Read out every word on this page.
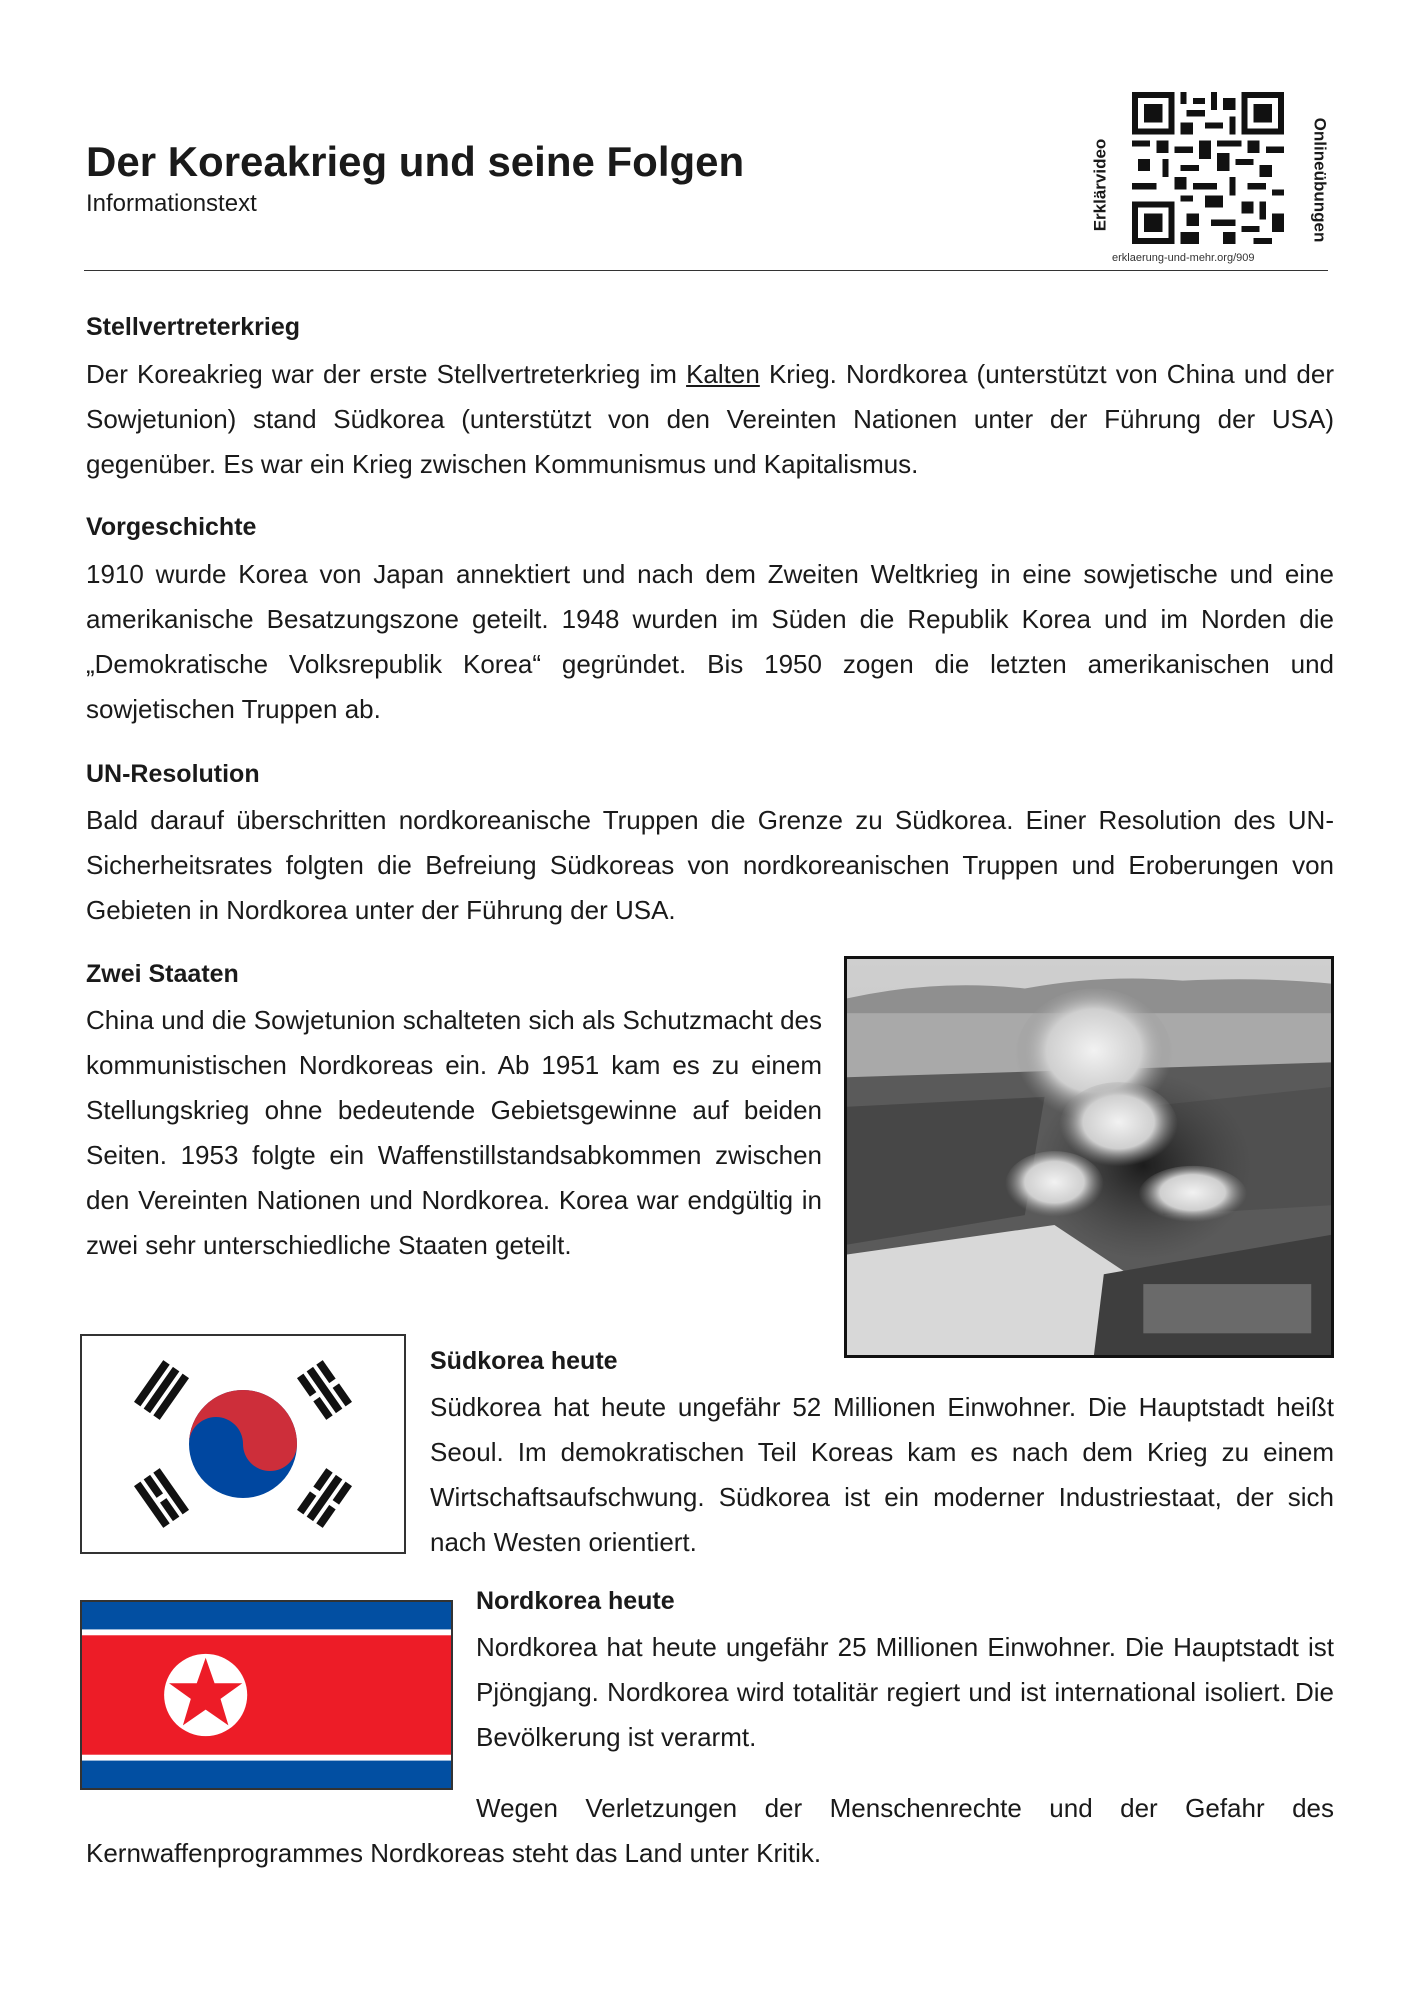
Der Koreakrieg und seine Folgen
Informationstext	Erklärvideo	Onlineübungen
erklaerung-und-mehr.org/909
Stellvertreterkrieg

Der Koreakrieg war der erste Stellvertreterkrieg im Kalten Krieg. Nordkorea (unterstützt von China und der Sowjetunion) stand Südkorea (unterstützt von den Vereinten Nationen unter der Führung der USA) gegenüber. Es war ein Krieg zwischen Kommunismus und Kapitalismus.

Vorgeschichte

1910 wurde Korea von Japan annektiert und nach dem Zweiten Weltkrieg in eine sowjetische und eine amerikanische Besatzungszone geteilt. 1948 wurden im Süden die Republik Korea und im Norden die „Demokratische Volksrepublik Korea“ gegründet. Bis 1950 zogen die letzten amerikanischen und sowjetischen Truppen ab.

UN-Resolution

Bald darauf überschritten nordkoreanische Truppen die Grenze zu Südkorea. Einer Resolution des UN-Sicherheitsrates folgten die Befreiung Südkoreas von nordkoreanischen Truppen und Eroberungen von Gebieten in Nordkorea unter der Führung der USA.

Zwei Staaten

China und die Sowjetunion schalteten sich als Schutzmacht des kommunistischen Nordkoreas ein. Ab 1951 kam es zu einem Stellungskrieg ohne bedeutende Gebietsgewinne auf beiden Seiten. 1953 folgte ein Waffenstillstandsabkommen zwischen den Vereinten Nationen und Nordkorea. Korea war endgültig in zwei sehr unterschiedliche Staaten geteilt.

Südkorea heute

Südkorea hat heute ungefähr 52 Millionen Einwohner. Die Hauptstadt heißt Seoul. Im demokratischen Teil Koreas kam es nach dem Krieg zu einem Wirtschaftsaufschwung. Südkorea ist ein moderner Industriestaat, der sich nach Westen orientiert.

Nordkorea heute

Nordkorea hat heute ungefähr 25 Millionen Einwohner. Die Hauptstadt ist Pjöngjang. Nordkorea wird totalitär regiert und ist international isoliert. Die Bevölkerung ist verarmt.

Wegen Verletzungen der Menschenrechte und der Gefahr des Kernwaffenprogrammes Nordkoreas steht das Land unter Kritik.
